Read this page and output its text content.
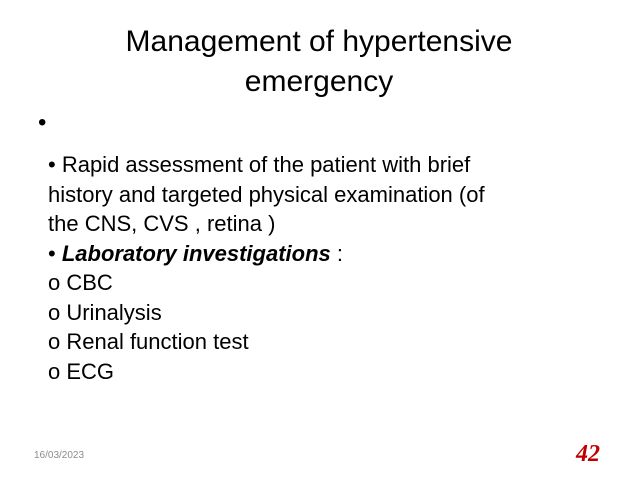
Management of hypertensive
emergency
•

• Rapid assessment of the patient with brief

history and targeted physical examination (of

the CNS, CVS , retina )

• Laboratory investigations :

o CBC

o Urinalysis

o Renal function test

o ECG

16/03/2023	42
